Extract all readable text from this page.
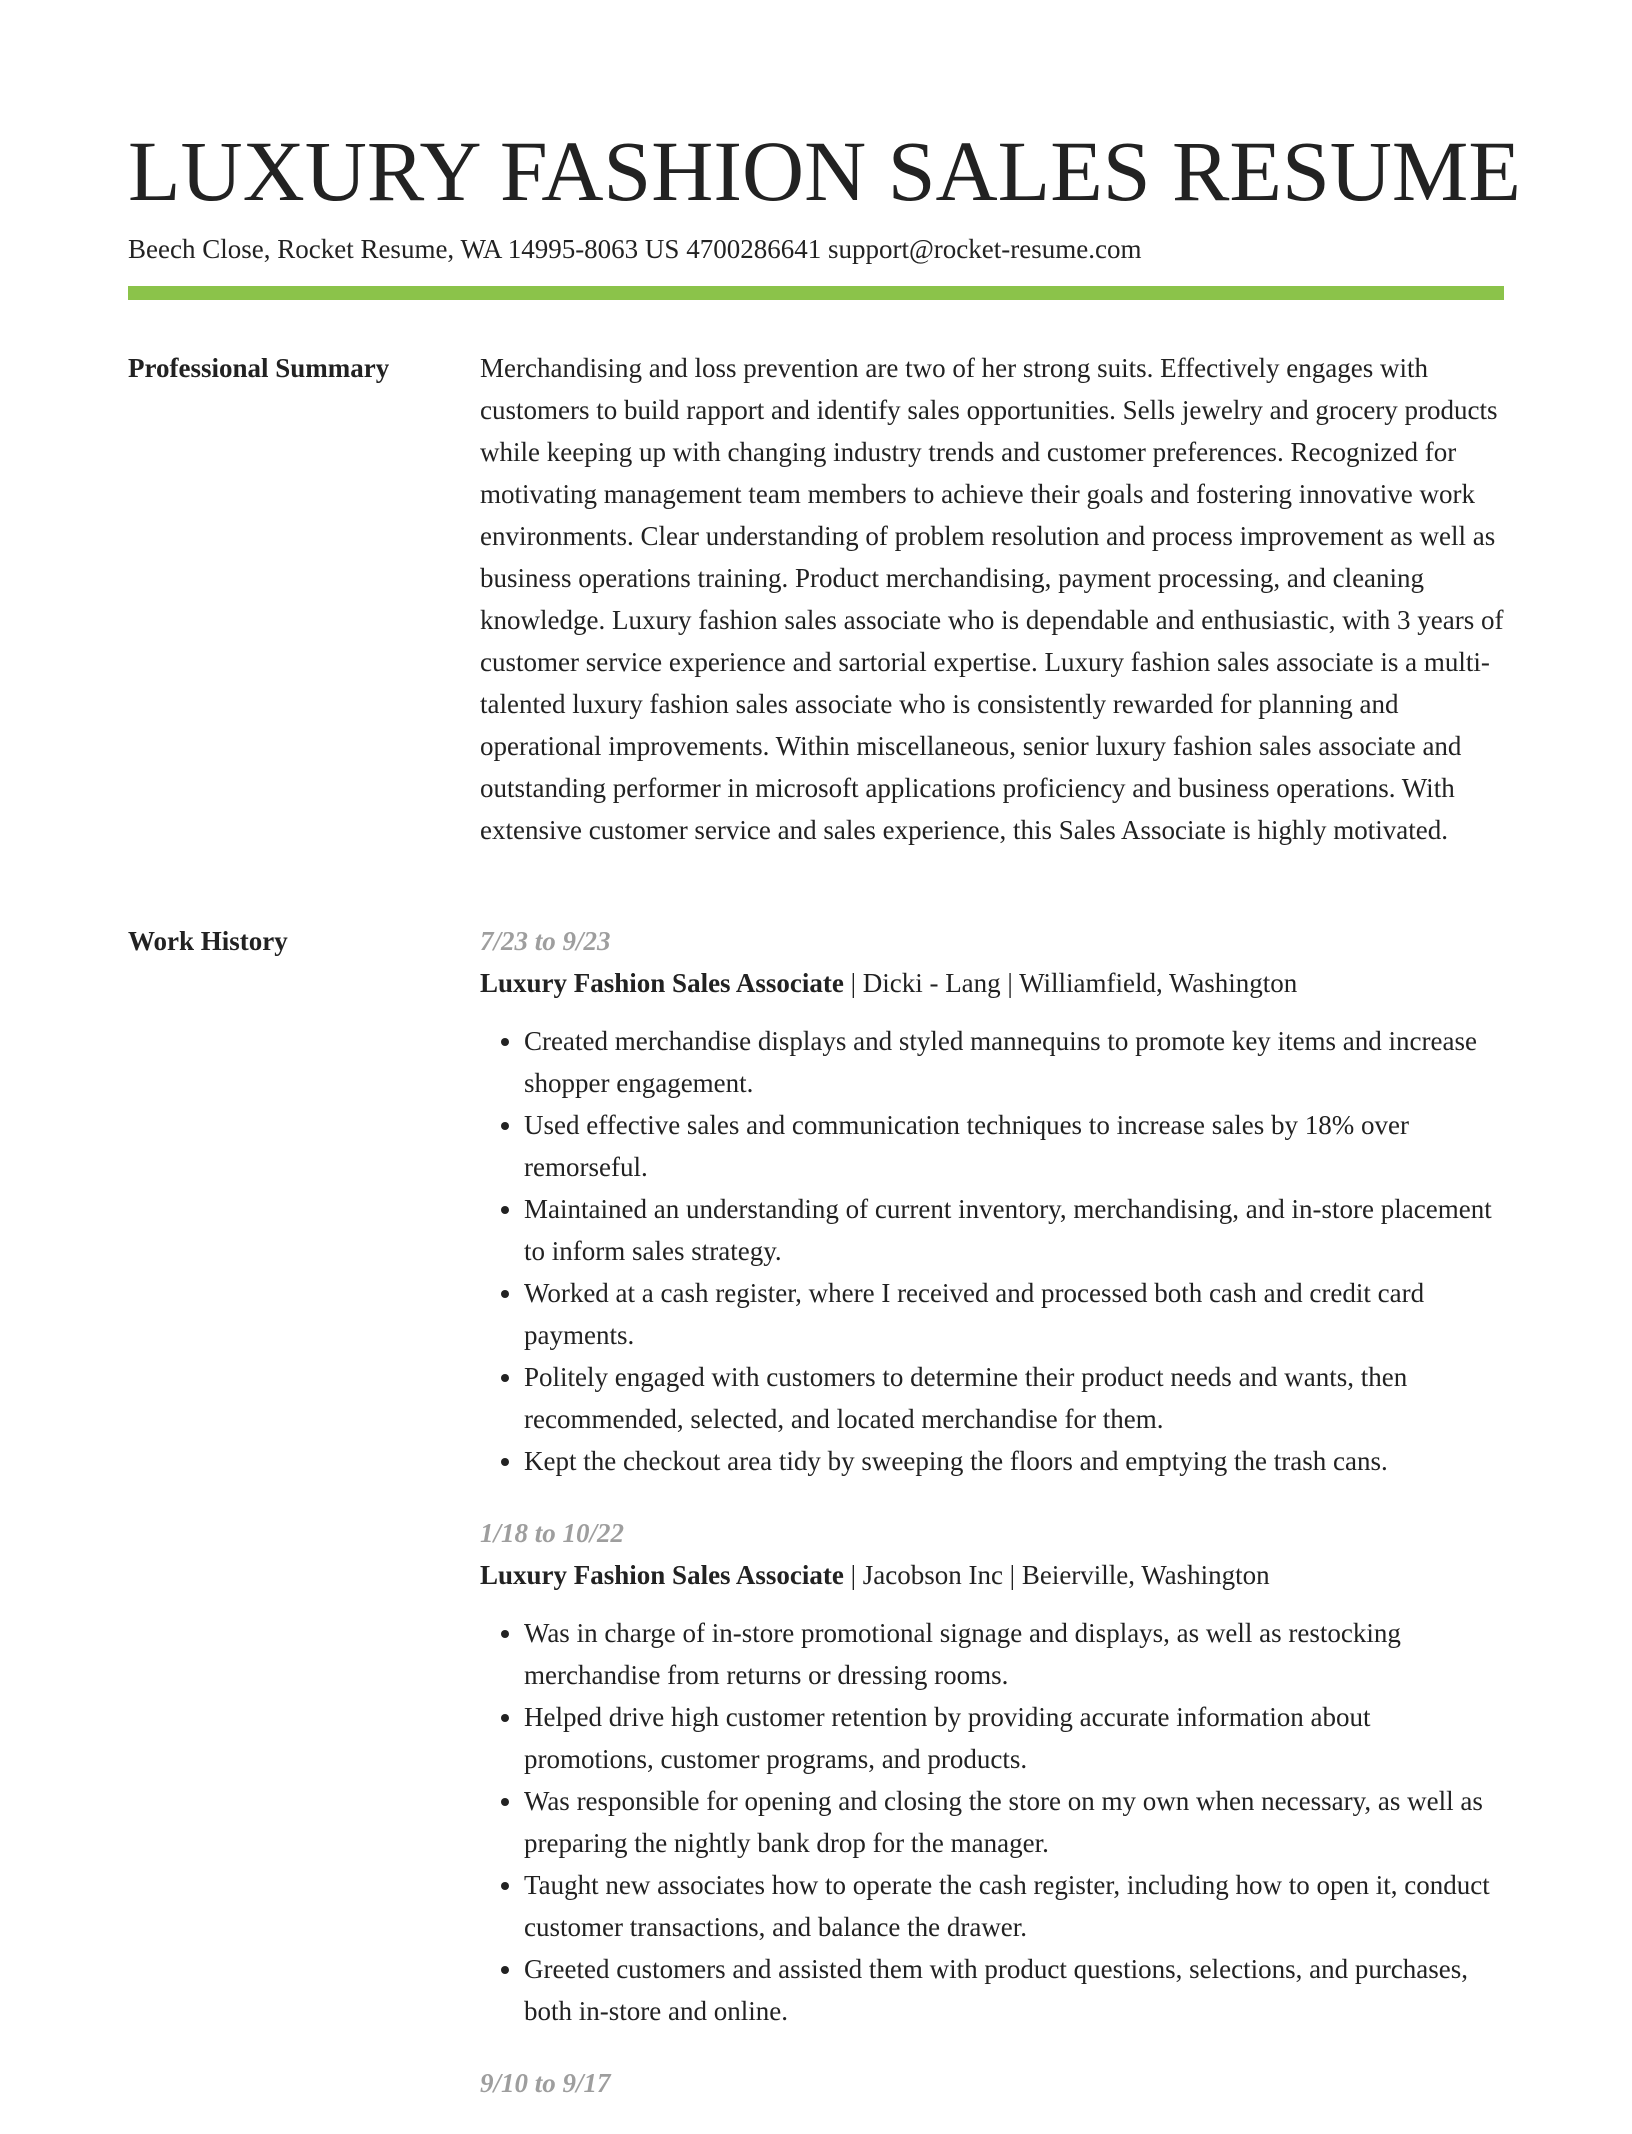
LUXURY FASHION SALES RESUME
Beech Close, Rocket Resume, WA 14995-8063 US 4700286641 support@rocket-resume.com
Professional Summary	Merchandising and loss prevention are two of her strong suits. Effectively engages with customers to build rapport and identify sales opportunities. Sells jewelry and grocery products while keeping up with changing industry trends and customer preferences. Recognized for motivating management team members to achieve their goals and fostering innovative work environments. Clear understanding of problem resolution and process improvement as well as business operations training. Product merchandising, payment processing, and cleaning knowledge. Luxury fashion sales associate who is dependable and enthusiastic, with 3 years of customer service experience and sartorial expertise. Luxury fashion sales associate is a multi-talented luxury fashion sales associate who is consistently rewarded for planning and operational improvements. Within miscellaneous, senior luxury fashion sales associate and outstanding performer in microsoft applications proficiency and business operations. With extensive customer service and sales experience, this Sales Associate is highly motivated.

Work History	7/23 to 9/23
Luxury Fashion Sales Associate | Dicki - Lang | Williamfield, Washington
• Created merchandise displays and styled mannequins to promote key items and increase shopper engagement.
• Used effective sales and communication techniques to increase sales by 18% over remorseful.
• Maintained an understanding of current inventory, merchandising, and in-store placement to inform sales strategy.
• Worked at a cash register, where I received and processed both cash and credit card payments.
• Politely engaged with customers to determine their product needs and wants, then recommended, selected, and located merchandise for them.
• Kept the checkout area tidy by sweeping the floors and emptying the trash cans.
1/18 to 10/22
Luxury Fashion Sales Associate | Jacobson Inc | Beierville, Washington
• Was in charge of in-store promotional signage and displays, as well as restocking merchandise from returns or dressing rooms.
• Helped drive high customer retention by providing accurate information about promotions, customer programs, and products.
• Was responsible for opening and closing the store on my own when necessary, as well as preparing the nightly bank drop for the manager.
• Taught new associates how to operate the cash register, including how to open it, conduct customer transactions, and balance the drawer.
• Greeted customers and assisted them with product questions, selections, and purchases, both in-store and online.
9/10 to 9/17
